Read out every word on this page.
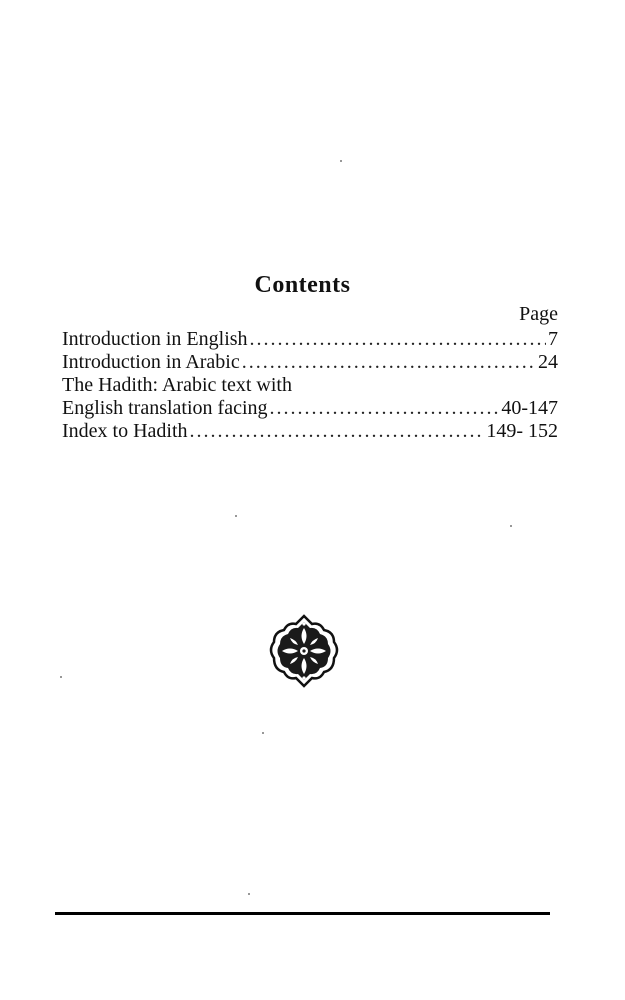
Contents
Page
Introduction in English .....	7
Introduction in Arabic .....	24
The Hadith: Arabic text with
English translation facing .....	40-147
Index to Hadith .....	149- 152
